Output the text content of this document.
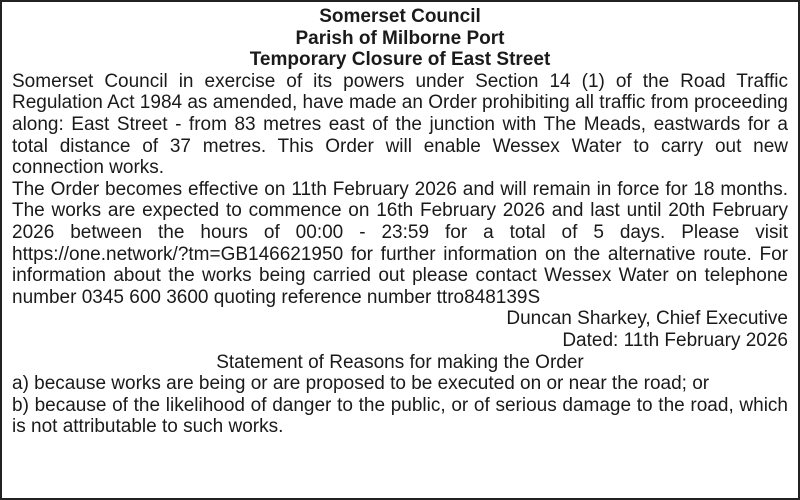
Somerset Council
Parish of Milborne Port
Temporary Closure of East Street
Somerset Council in exercise of its powers under Section 14 (1) of the Road Traffic Regulation Act 1984 as amended, have made an Order prohibiting all traffic from proceeding along: East Street - from 83 metres east of the junction with The Meads, eastwards for a total distance of 37 metres. This Order will enable Wessex Water to carry out new connection works.
The Order becomes effective on 11th February 2026 and will remain in force for 18 months. The works are expected to commence on 16th February 2026 and last until 20th February 2026 between the hours of 00:00 - 23:59 for a total of 5 days. Please visit https://one.network/?tm=GB146621950 for further information on the alternative route. For information about the works being carried out please contact Wessex Water on telephone number 0345 600 3600 quoting reference number ttro848139S
Duncan Sharkey, Chief Executive
Dated: 11th February 2026
Statement of Reasons for making the Order
a) because works are being or are proposed to be executed on or near the road; or
b) because of the likelihood of danger to the public, or of serious damage to the road, which is not attributable to such works.
